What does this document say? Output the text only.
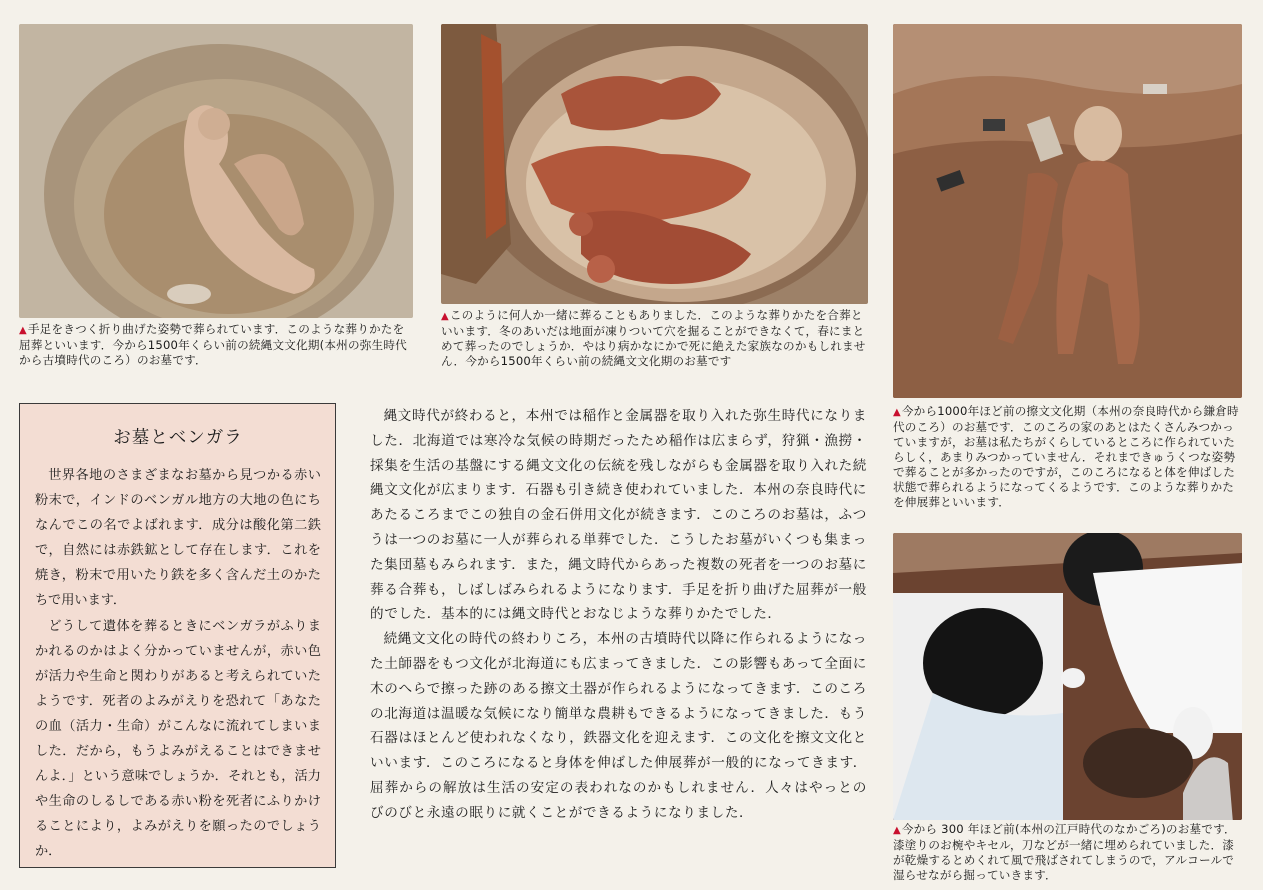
▲手足をきつく折り曲げた姿勢で葬られています．このような葬りかたを屈葬といいます．今から1500年くらい前の続縄文文化期(本州の弥生時代から古墳時代のころ）のお墓です．

▲このように何人か一緒に葬ることもありました．このような葬りかたを合葬といいます．冬のあいだは地面が凍りついて穴を掘ることができなくて，春にまとめて葬ったのでしょうか．やはり病かなにかで死に絶えた家族なのかもしれません．今から1500年くらい前の続縄文文化期のお墓です

▲今から1000年ほど前の擦文文化期（本州の奈良時代から鎌倉時代のころ）のお墓です．このころの家のあとはたくさんみつかっていますが，お墓は私たちがくらしているところに作られていたらしく，あまりみつかっていません．それまできゅうくつな姿勢で葬ることが多かったのですが，このころになると体を伸ばした状態で葬られるようになってくるようです．このような葬りかたを伸展葬といいます．

▲今から 300 年ほど前(本州の江戸時代のなかごろ)のお墓です．漆塗りのお椀やキセル，刀などが一緒に埋められていました．漆が乾燥するとめくれて風で飛ばされてしまうので，アルコールで湿らせながら掘っていきます．

お墓とベンガラ

世界各地のさまざまなお墓から見つかる赤い粉末で，インドのベンガル地方の大地の色にちなんでこの名でよばれます．成分は酸化第二鉄で，自然には赤鉄鉱として存在します．これを焼き，粉末で用いたり鉄を多く含んだ土のかたちで用います．

どうして遺体を葬るときにベンガラがふりまかれるのかはよく分かっていませんが，赤い色が活力や生命と関わりがあると考えられていたようです．死者のよみがえりを恐れて「あなたの血（活力・生命）がこんなに流れてしまいました．だから，もうよみがえることはできませんよ．」という意味でしょうか．それとも，活力や生命のしるしである赤い粉を死者にふりかけることにより，よみがえりを願ったのでしょうか．

縄文時代が終わると，本州では稲作と金属器を取り入れた弥生時代になりました．北海道では寒冷な気候の時期だったため稲作は広まらず，狩猟・漁撈・採集を生活の基盤にする縄文文化の伝統を残しながらも金属器を取り入れた続縄文文化が広まります．石器も引き続き使われていました．本州の奈良時代にあたるころまでこの独自の金石併用文化が続きます．このころのお墓は，ふつうは一つのお墓に一人が葬られる単葬でした．こうしたお墓がいくつも集まった集団墓もみられます．また，縄文時代からあった複数の死者を一つのお墓に葬る合葬も，しばしばみられるようになります．手足を折り曲げた屈葬が一般的でした．基本的には縄文時代とおなじような葬りかたでした．

続縄文文化の時代の終わりころ，本州の古墳時代以降に作られるようになった土師器をもつ文化が北海道にも広まってきました．この影響もあって全面に木のへらで擦った跡のある擦文土器が作られるようになってきます．このころの北海道は温暖な気候になり簡単な農耕もできるようになってきました．もう石器はほとんど使われなくなり，鉄器文化を迎えます．この文化を擦文文化といいます．このころになると身体を伸ばした伸展葬が一般的になってきます．屈葬からの解放は生活の安定の表われなのかもしれません．人々はやっとのびのびと永遠の眠りに就くことができるようになりました．
